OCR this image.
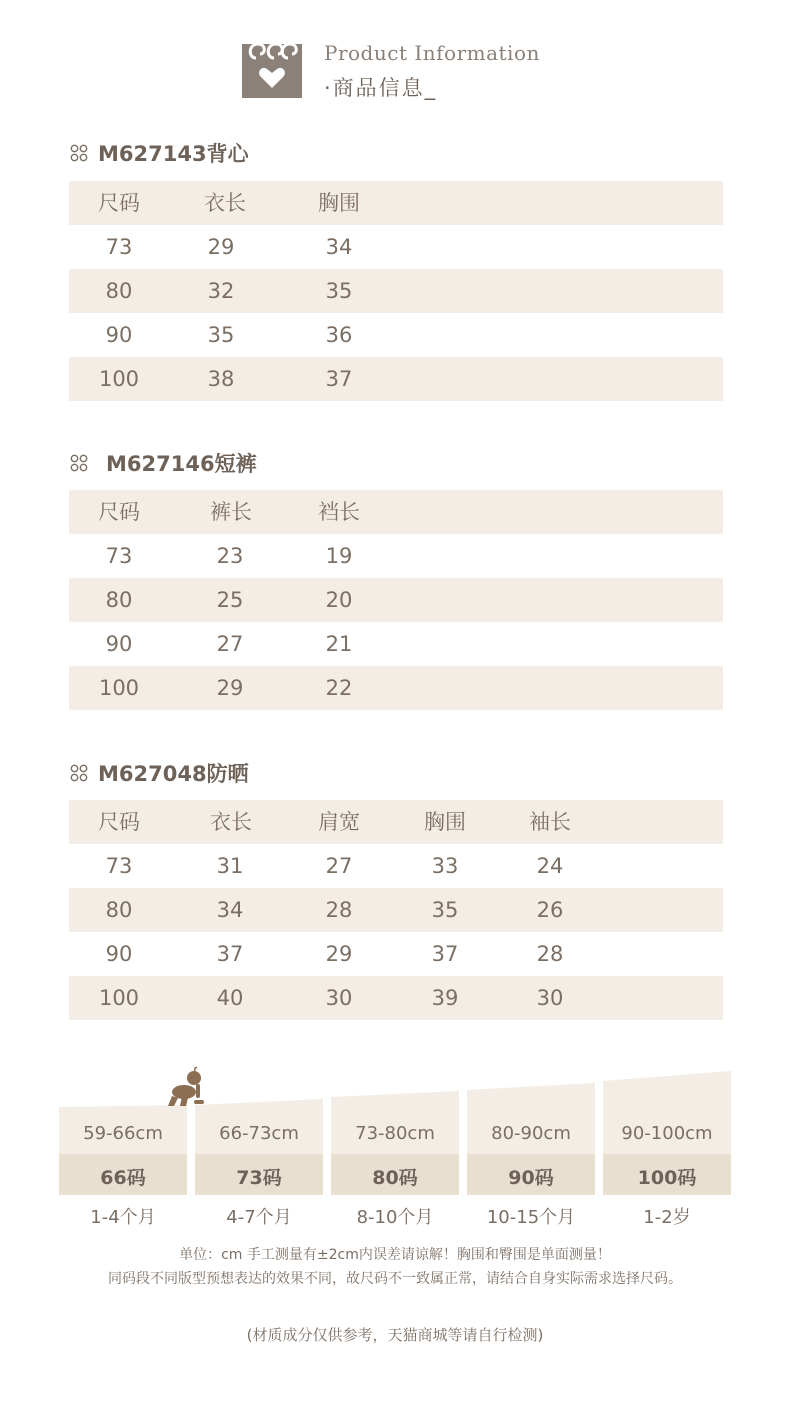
Product Information
·商品信息_
M627143背心
尺码	衣长	胸围
73	29	34
80	32	35
90	35	36
100	38	37
M627146短裤
尺码	裤长	裆长
73	23	19
80	25	20
90	27	21
100	29	22
M627048防晒
尺码	衣长	肩宽	胸围	袖长
73	31	27	33	24
80	34	28	35	26
90	37	29	37	28
100	40	30	39	30
59-66cm	66-73cm	73-80cm	80-90cm	90-100cm
66码	73码	80码	90码	100码
1-4个月	4-7个月	8-10个月	10-15个月	1-2岁
单位：cm 手工测量有±2cm内误差请谅解！胸围和臀围是单面测量！
同码段不同版型预想表达的效果不同，故尺码不一致属正常，请结合自身实际需求选择尺码。
(材质成分仅供参考，天猫商城等请自行检测)
